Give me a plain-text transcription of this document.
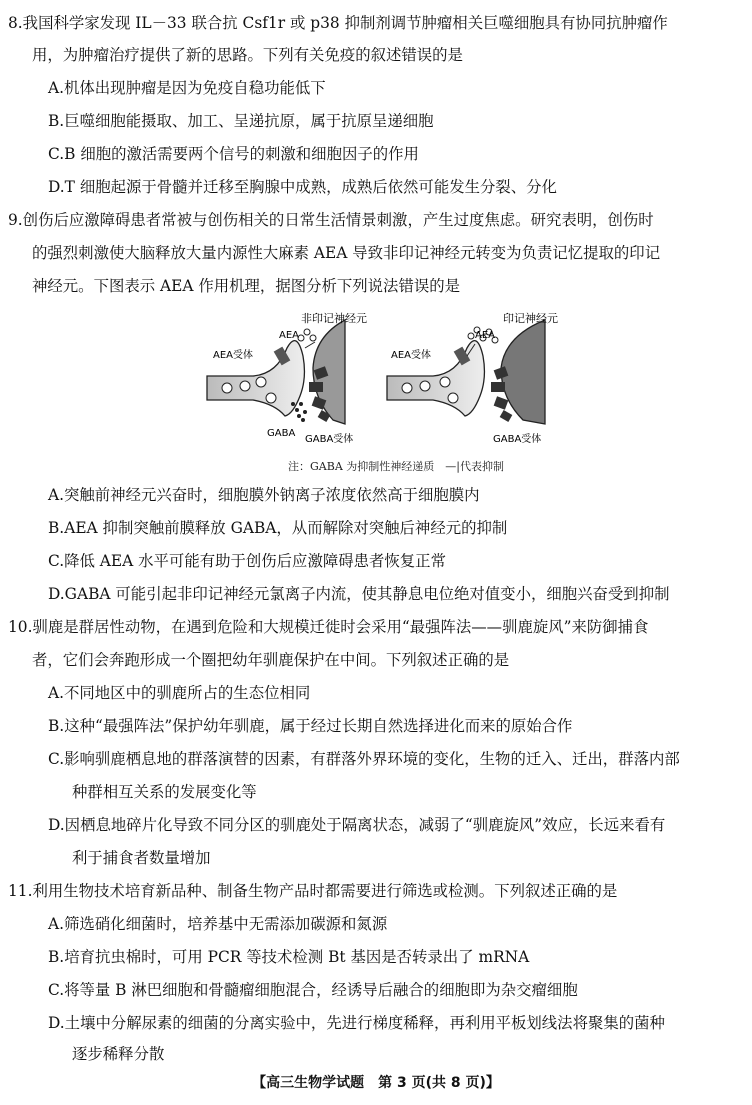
8.我国科学家发现 IL－33 联合抗 Csf1r 或 p38 抑制剂调节肿瘤相关巨噬细胞具有协同抗肿瘤作
用，为肿瘤治疗提供了新的思路。下列有关免疫的叙述错误的是
A.机体出现肿瘤是因为免疫自稳功能低下
B.巨噬细胞能摄取、加工、呈递抗原，属于抗原呈递细胞
C.B 细胞的激活需要两个信号的刺激和细胞因子的作用
D.T 细胞起源于骨髓并迁移至胸腺中成熟，成熟后依然可能发生分裂、分化
9.创伤后应激障碍患者常被与创伤相关的日常生活情景刺激，产生过度焦虑。研究表明，创伤时
的强烈刺激使大脑释放大量内源性大麻素 AEA 导致非印记神经元转变为负责记忆提取的印记
神经元。下图表示 AEA 作用机理，据图分析下列说法错误的是
非印记神经元
AEA
AEA受体
GABA
GABA受体
印记神经元
AEA
AEA受体
GABA受体
注：GABA 为抑制性神经递质　—|代表抑制
A.突触前神经元兴奋时，细胞膜外钠离子浓度依然高于细胞膜内
B.AEA 抑制突触前膜释放 GABA，从而解除对突触后神经元的抑制
C.降低 AEA 水平可能有助于创伤后应激障碍患者恢复正常
D.GABA 可能引起非印记神经元氯离子内流，使其静息电位绝对值变小，细胞兴奋受到抑制
10.驯鹿是群居性动物，在遇到危险和大规模迁徙时会采用“最强阵法——驯鹿旋风”来防御捕食
者，它们会奔跑形成一个圈把幼年驯鹿保护在中间。下列叙述正确的是
A.不同地区中的驯鹿所占的生态位相同
B.这种“最强阵法”保护幼年驯鹿，属于经过长期自然选择进化而来的原始合作
C.影响驯鹿栖息地的群落演替的因素，有群落外界环境的变化，生物的迁入、迁出，群落内部
种群相互关系的发展变化等
D.因栖息地碎片化导致不同分区的驯鹿处于隔离状态，减弱了“驯鹿旋风”效应，长远来看有
利于捕食者数量增加
11.利用生物技术培育新品种、制备生物产品时都需要进行筛选或检测。下列叙述正确的是
A.筛选硝化细菌时，培养基中无需添加碳源和氮源
B.培育抗虫棉时，可用 PCR 等技术检测 Bt 基因是否转录出了 mRNA
C.将等量 B 淋巴细胞和骨髓瘤细胞混合，经诱导后融合的细胞即为杂交瘤细胞
D.土壤中分解尿素的细菌的分离实验中，先进行梯度稀释，再利用平板划线法将聚集的菌种
逐步稀释分散
【高三生物学试题　第 3 页(共 8 页)】
